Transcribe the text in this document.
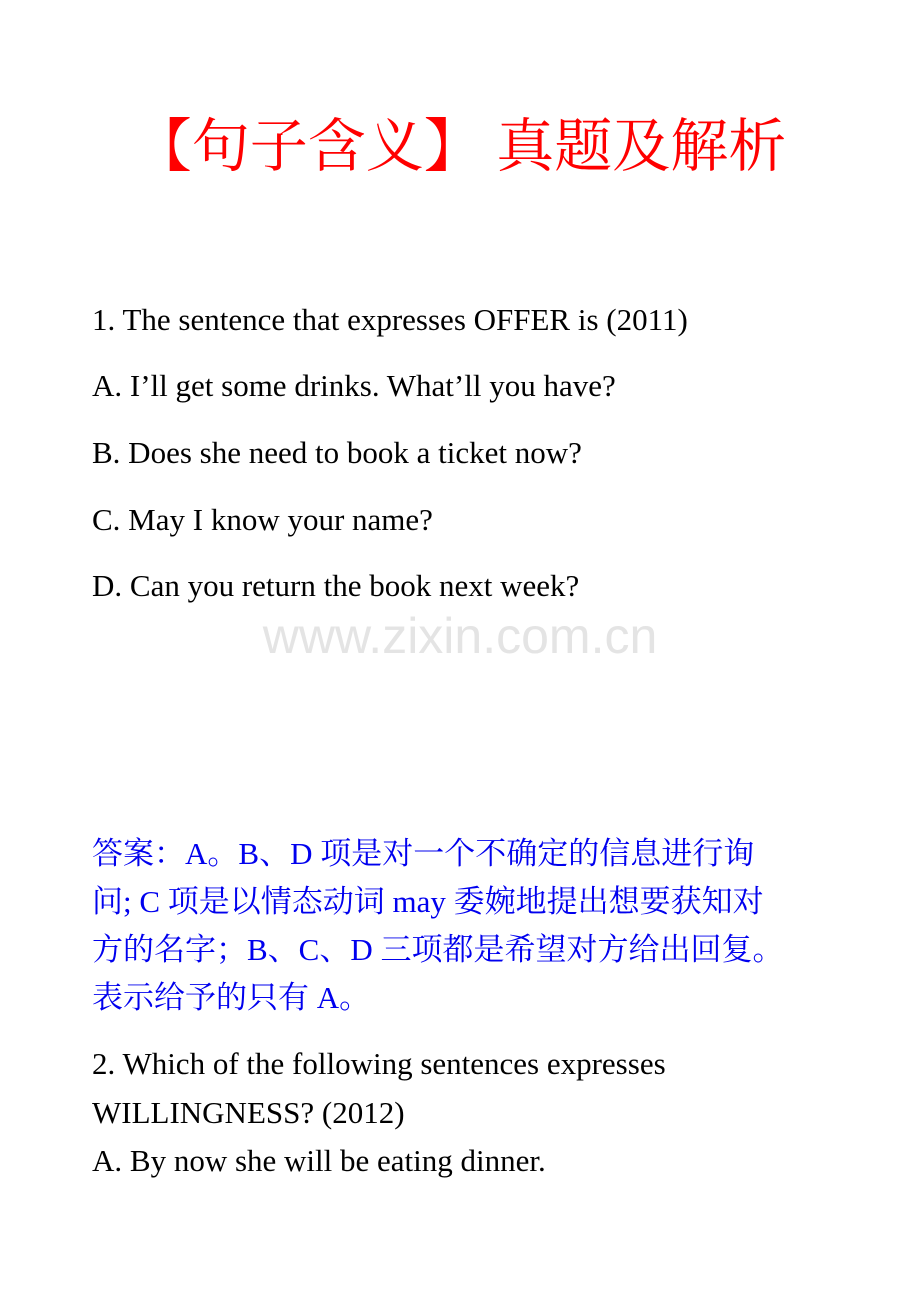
【句子含义】 真题及解析
1. The sentence that expresses OFFER is (2011)
A. I’ll get some drinks. What’ll you have?
B. Does she need to book a ticket now?
C. May I know your name?
D. Can you return the book next week?
www.zixin.com.cn
答案：A。B、D 项是对一个不确定的信息进行询
问; C 项是以情态动词 may 委婉地提出想要获知对
方的名字；B、C、D 三项都是希望对方给出回复。
表示给予的只有 A。
2. Which of the following sentences expresses
WILLINGNESS? (2012)
A. By now she will be eating dinner.
